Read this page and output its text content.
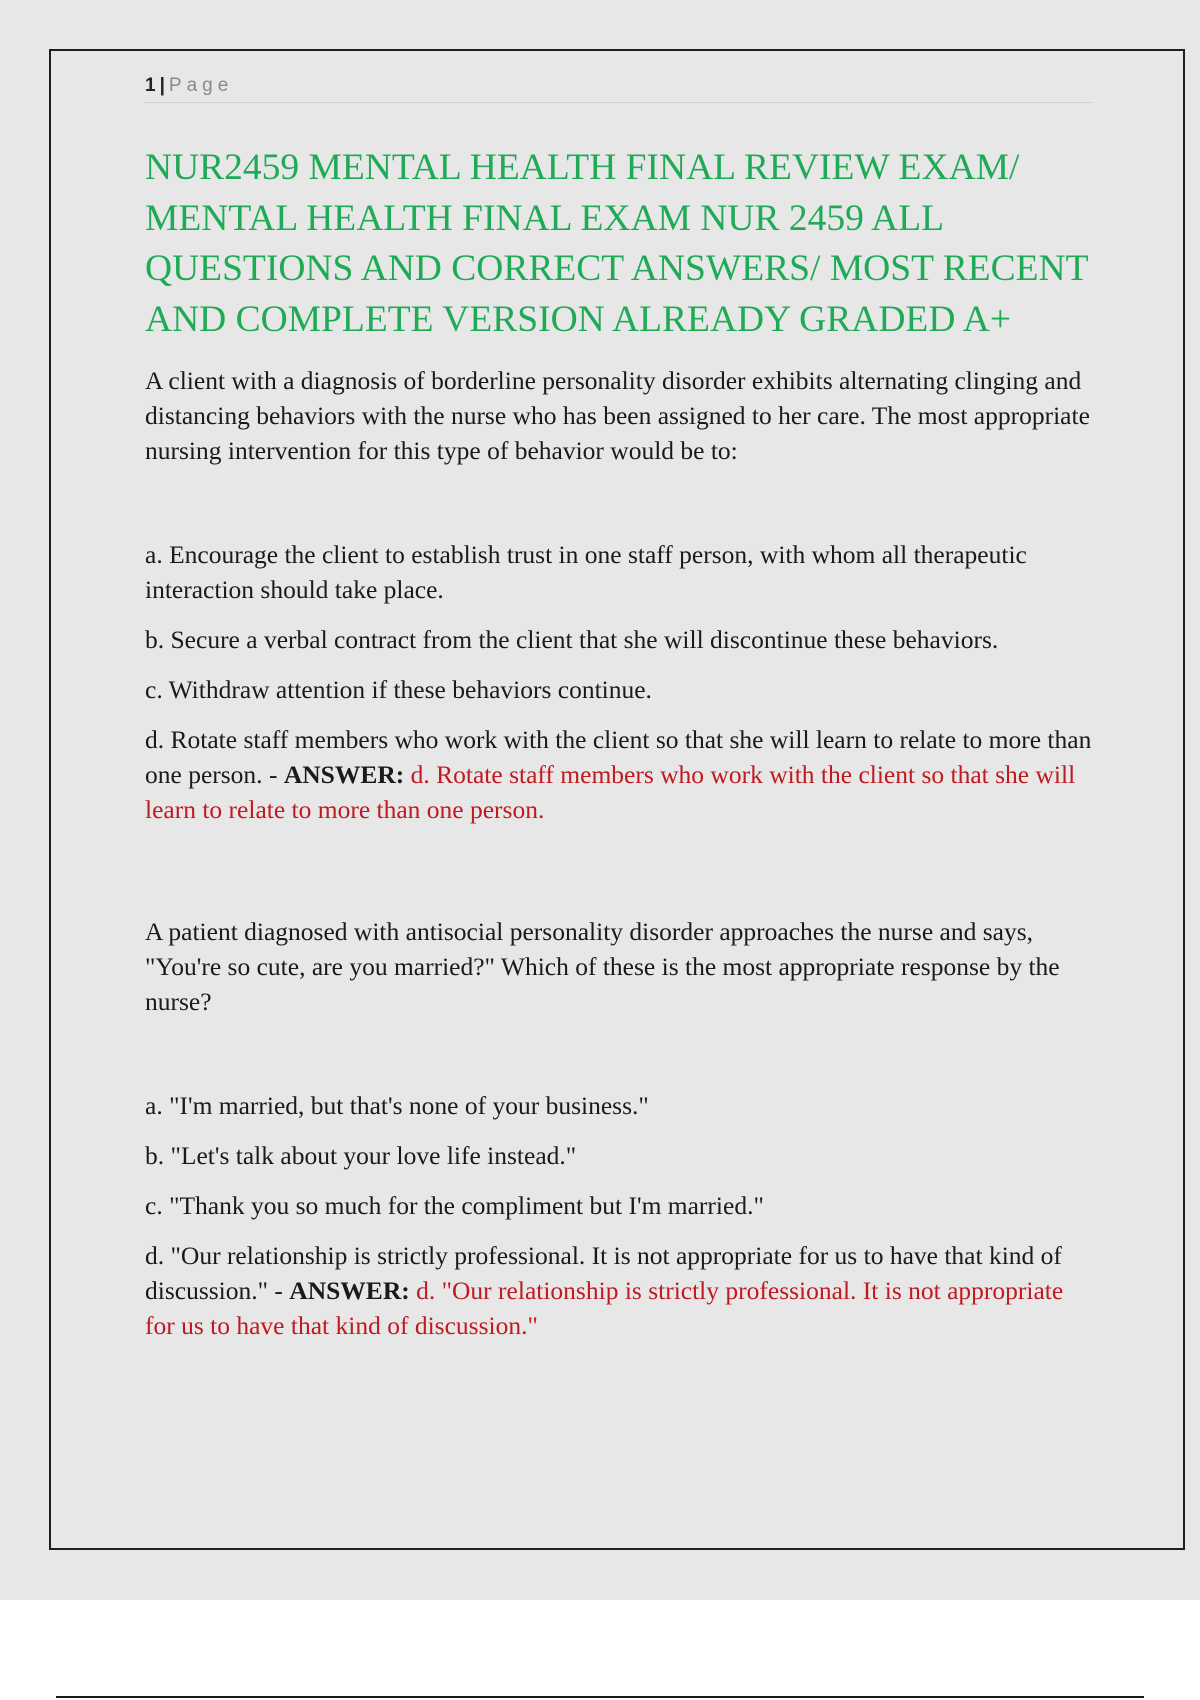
1 | Page
NUR2459 MENTAL HEALTH FINAL REVIEW EXAM/ MENTAL HEALTH FINAL EXAM NUR 2459 ALL QUESTIONS AND CORRECT ANSWERS/ MOST RECENT AND COMPLETE VERSION ALREADY GRADED A+

A client with a diagnosis of borderline personality disorder exhibits alternating clinging and distancing behaviors with the nurse who has been assigned to her care. The most appropriate nursing intervention for this type of behavior would be to:

a. Encourage the client to establish trust in one staff person, with whom all therapeutic interaction should take place.

b. Secure a verbal contract from the client that she will discontinue these behaviors.

c. Withdraw attention if these behaviors continue.

d. Rotate staff members who work with the client so that she will learn to relate to more than one person. - ANSWER: d. Rotate staff members who work with the client so that she will learn to relate to more than one person.

A patient diagnosed with antisocial personality disorder approaches the nurse and says, "You're so cute, are you married?" Which of these is the most appropriate response by the nurse?

a. "I'm married, but that's none of your business."

b. "Let's talk about your love life instead."

c. "Thank you so much for the compliment but I'm married."

d. "Our relationship is strictly professional. It is not appropriate for us to have that kind of discussion." - ANSWER: d. "Our relationship is strictly professional. It is not appropriate for us to have that kind of discussion."
